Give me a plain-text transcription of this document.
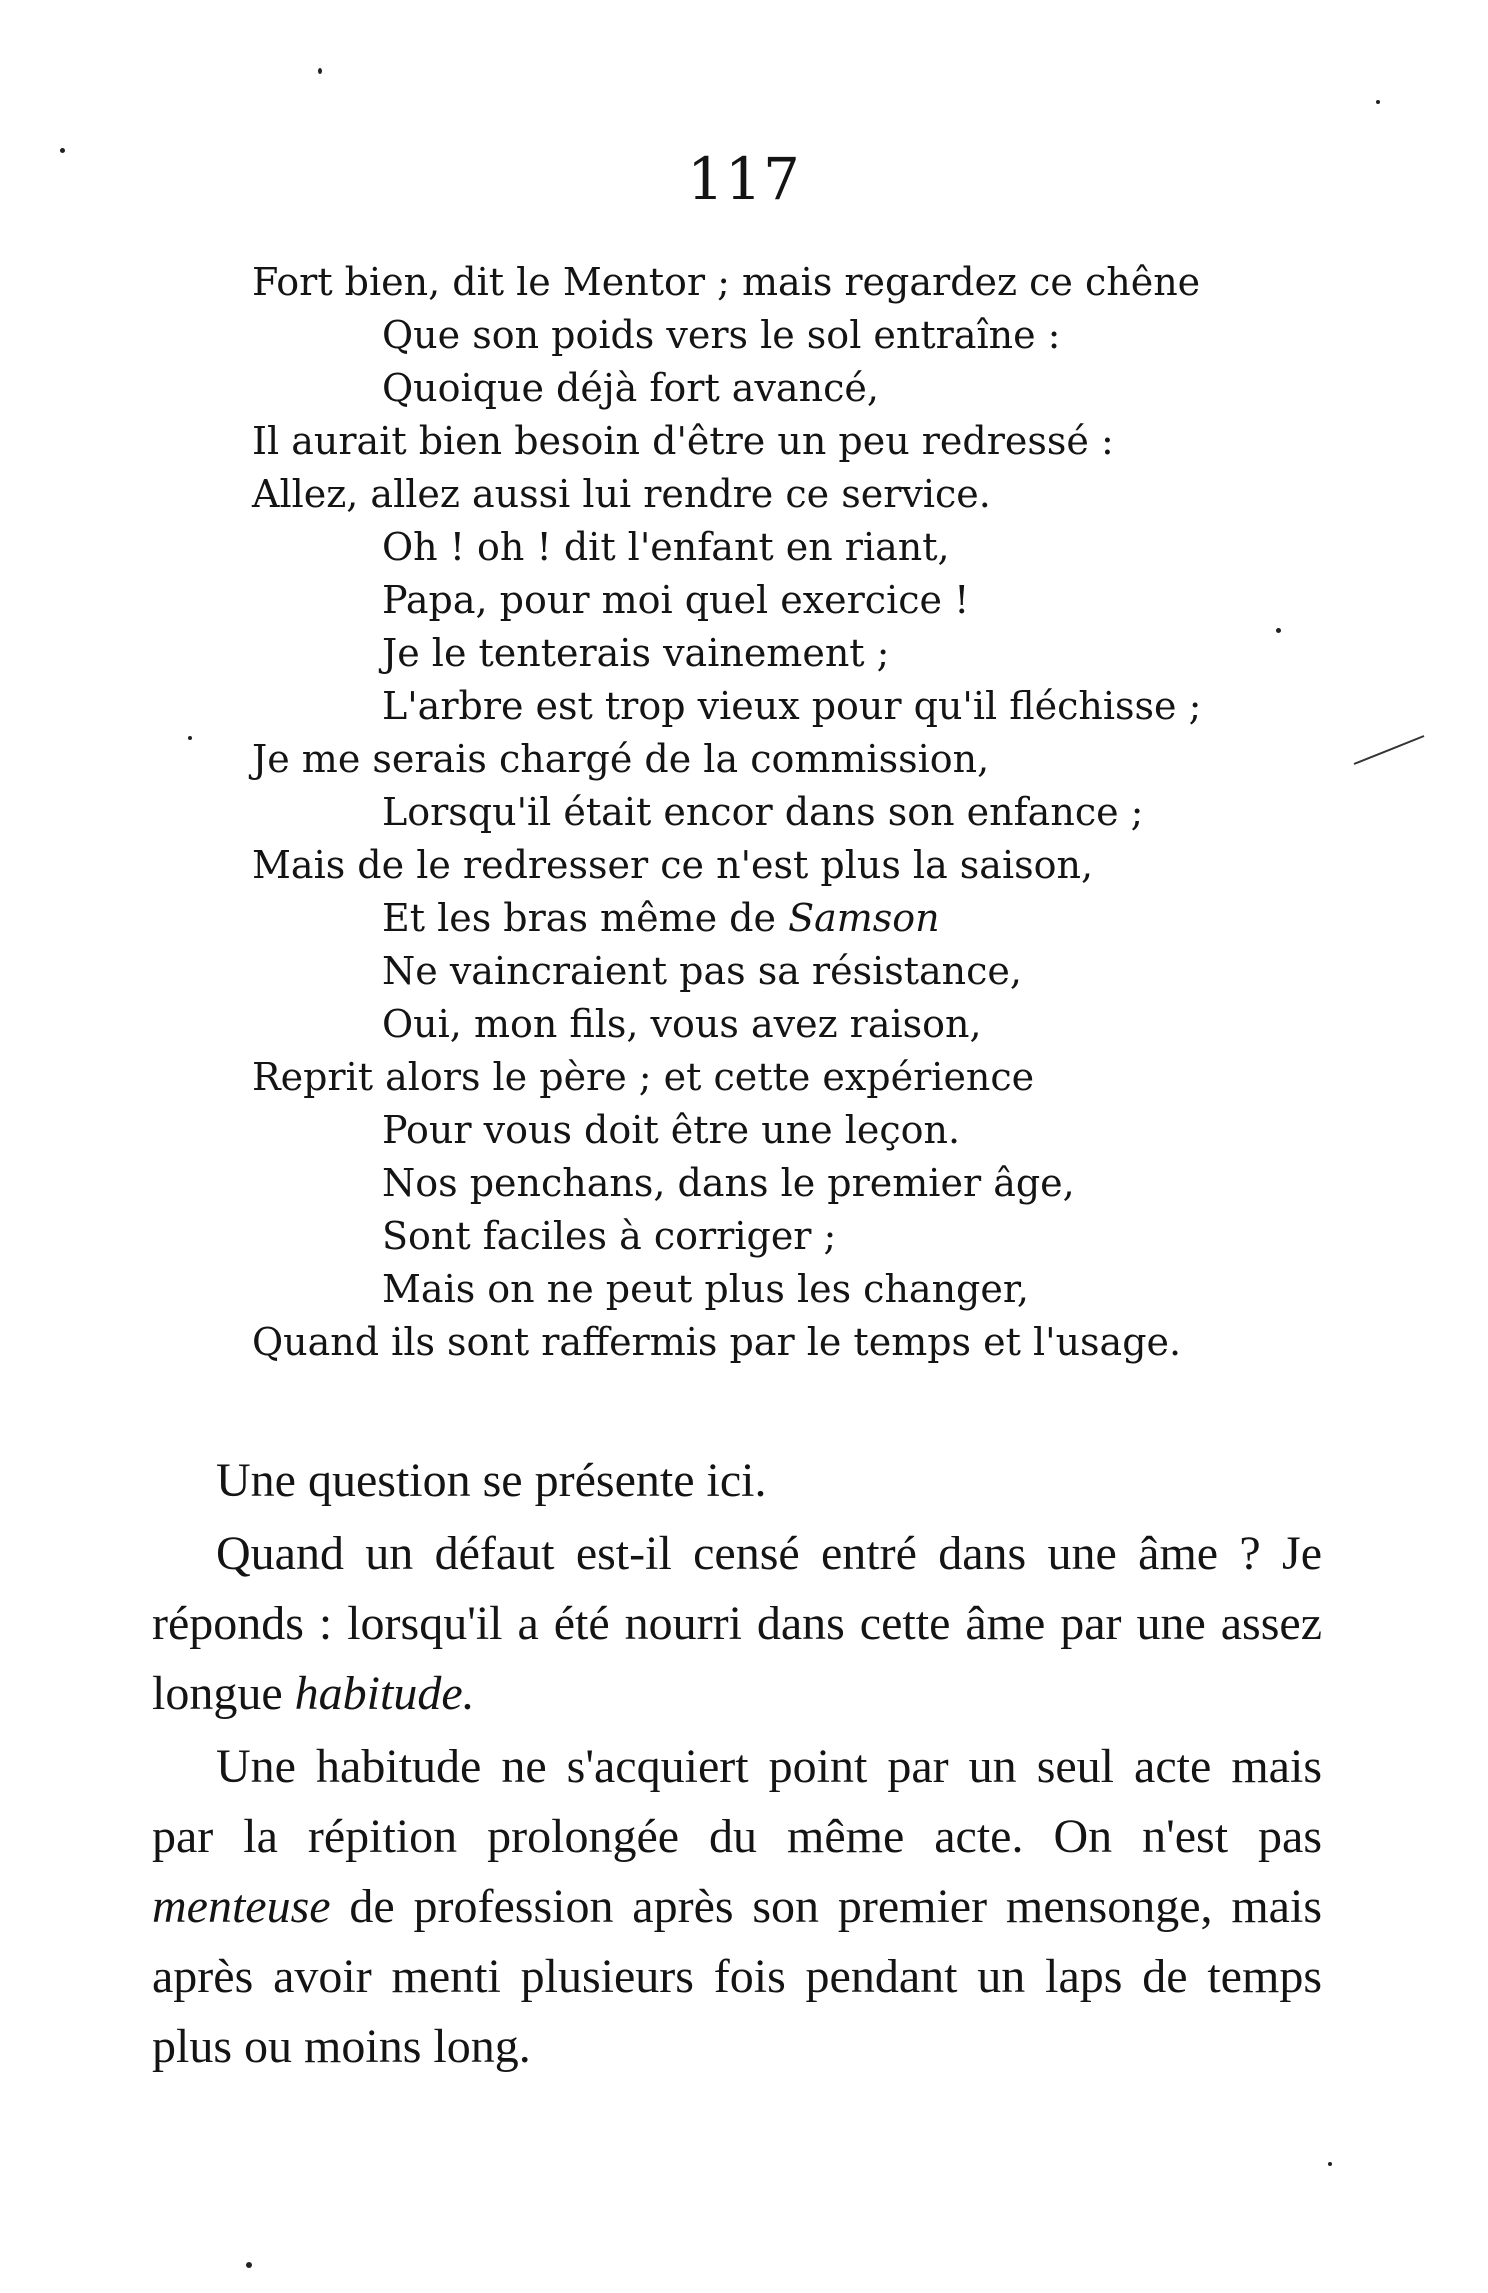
117
Fort bien, dit le Mentor ; mais regardez ce chêne
Que son poids vers le sol entraîne :
Quoique déjà fort avancé,
Il aurait bien besoin d'être un peu redressé :
Allez, allez aussi lui rendre ce service.
Oh ! oh ! dit l'enfant en riant,
Papa, pour moi quel exercice !
Je le tenterais vainement ;
L'arbre est trop vieux pour qu'il fléchisse ;
Je me serais chargé de la commission,
Lorsqu'il était encor dans son enfance ;
Mais de le redresser ce n'est plus la saison,
Et les bras même de Samson
Ne vaincraient pas sa résistance,
Oui, mon fils, vous avez raison,
Reprit alors le père ; et cette expérience
Pour vous doit être une leçon.
Nos penchans, dans le premier âge,
Sont faciles à corriger ;
Mais on ne peut plus les changer,
Quand ils sont raffermis par le temps et l'usage.

Une question se présente ici.

Quand un défaut est-il censé entré dans une âme ? Je réponds : lorsqu'il a été nourri dans cette âme par une assez longue habitude.

Une habitude ne s'acquiert point par un seul acte mais par la répition prolongée du même acte. On n'est pas menteuse de profession après son premier mensonge, mais après avoir menti plusieurs fois pendant un laps de temps plus ou moins long.
